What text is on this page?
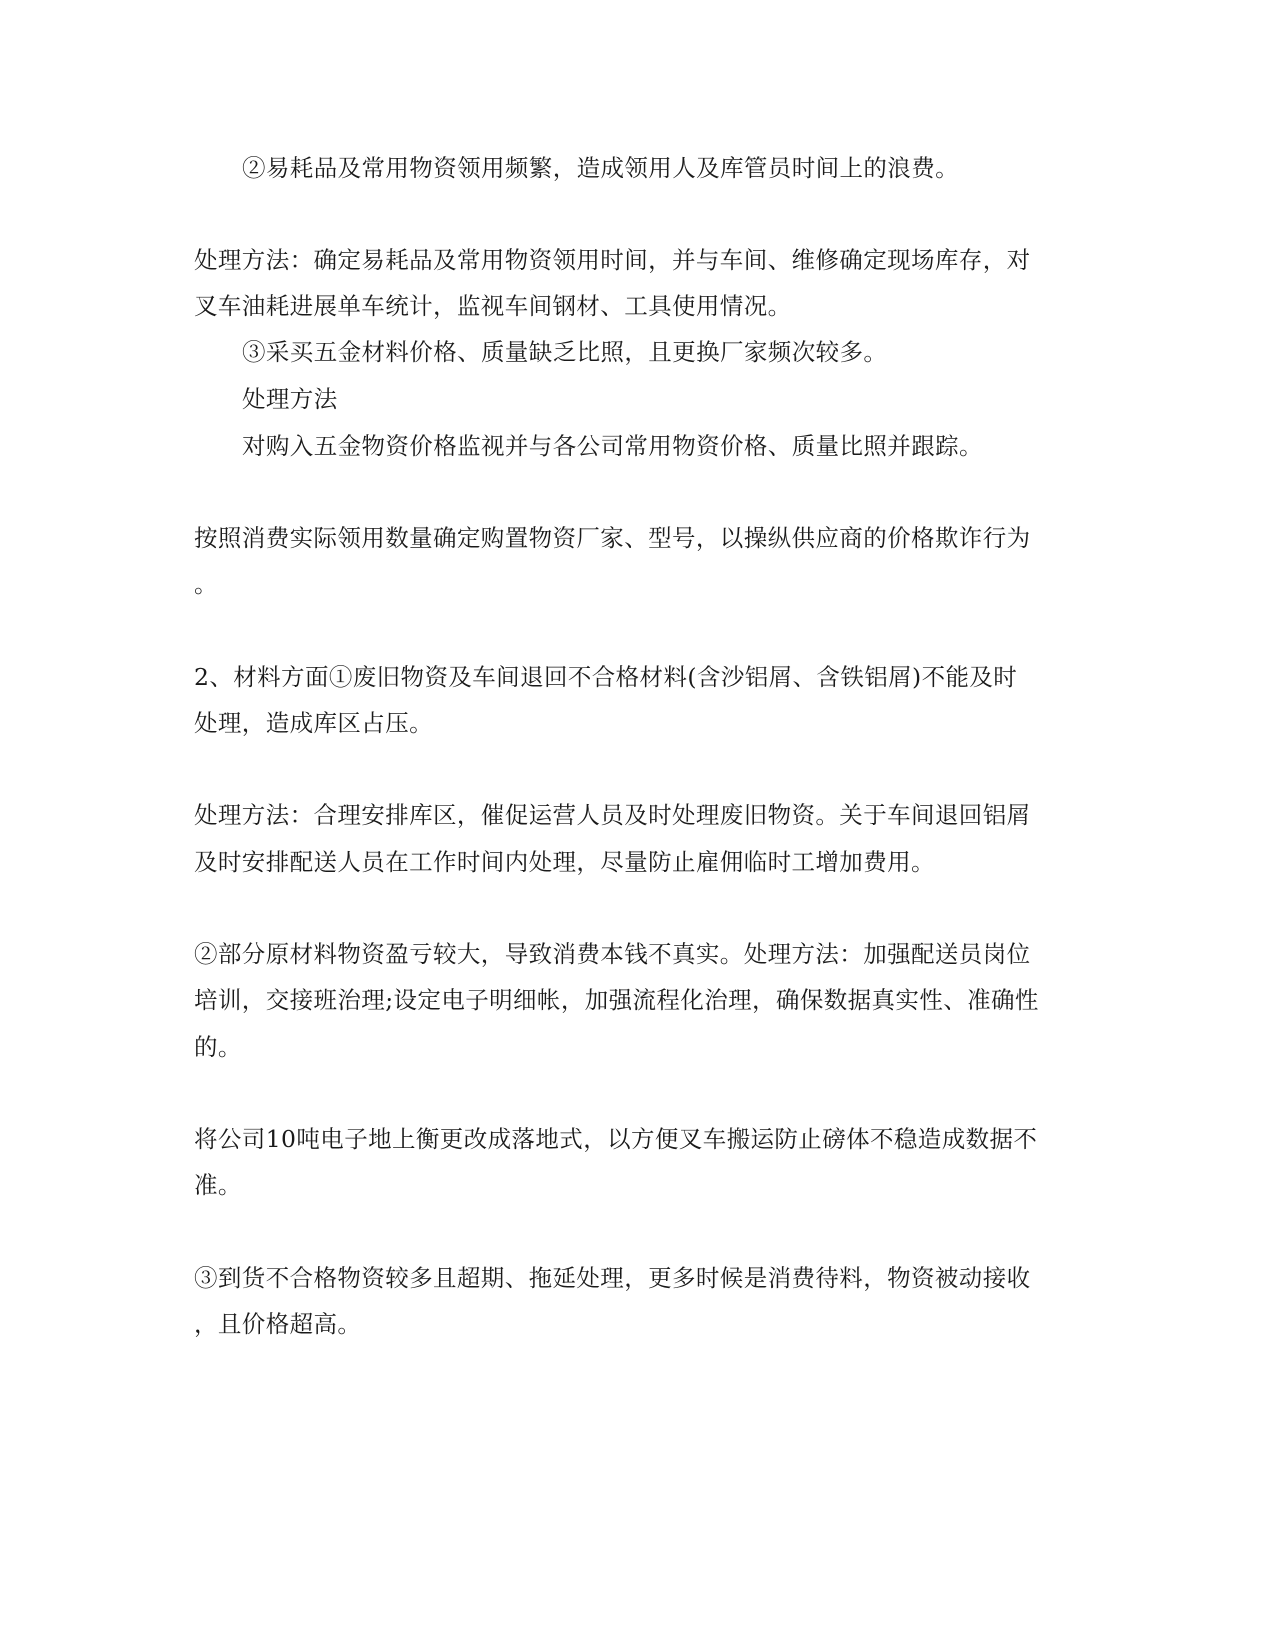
②易耗品及常用物资领用频繁，造成领用人及库管员时间上的浪费。
处理方法：确定易耗品及常用物资领用时间，并与车间、维修确定现场库存，对
叉车油耗进展单车统计，监视车间钢材、工具使用情况。
③采买五金材料价格、质量缺乏比照，且更换厂家频次较多。
处理方法
对购入五金物资价格监视并与各公司常用物资价格、质量比照并跟踪。
按照消费实际领用数量确定购置物资厂家、型号，以操纵供应商的价格欺诈行为
。
2、材料方面①废旧物资及车间退回不合格材料(含沙铝屑、含铁铝屑)不能及时
处理，造成库区占压。
处理方法：合理安排库区，催促运营人员及时处理废旧物资。关于车间退回铝屑
及时安排配送人员在工作时间内处理，尽量防止雇佣临时工增加费用。
②部分原材料物资盈亏较大，导致消费本钱不真实。处理方法：加强配送员岗位
培训，交接班治理;设定电子明细帐，加强流程化治理，确保数据真实性、准确性
的。
将公司10吨电子地上衡更改成落地式，以方便叉车搬运防止磅体不稳造成数据不
准。
③到货不合格物资较多且超期、拖延处理，更多时候是消费待料，物资被动接收
，且价格超高。
